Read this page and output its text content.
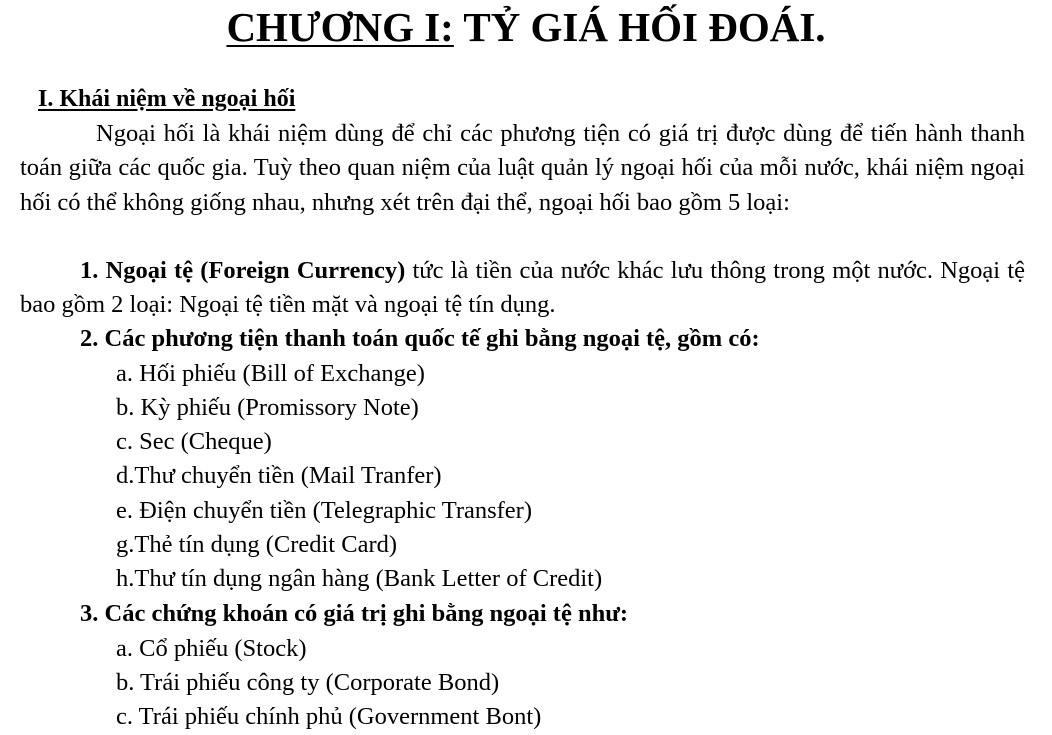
CHƯƠNG I: TỶ GIÁ HỐI ĐOÁI.
I. Khái niệm về ngoại hối
Ngoại hối là khái niệm dùng để chỉ các phương tiện có giá trị được dùng để tiến hành thanh toán giữa các quốc gia. Tuỳ theo quan niệm của luật quản lý ngoại hối của mỗi nước, khái niệm ngoại hối có thể không giống nhau, nhưng xét trên đại thể, ngoại hối bao gồm 5 loại:
1. Ngoại tệ (Foreign Currency) tức là tiền của nước khác lưu thông trong một nước. Ngoại tệ bao gồm 2 loại: Ngoại tệ tiền mặt và ngoại tệ tín dụng.
2. Các phương tiện thanh toán quốc tế ghi bằng ngoại tệ, gồm có:
a. Hối phiếu (Bill of Exchange)
b. Kỳ phiếu (Promissory Note)
c. Sec (Cheque)
d.Thư chuyển tiền (Mail Tranfer)
e. Điện chuyển tiền (Telegraphic Transfer)
g.Thẻ tín dụng (Credit Card)
h.Thư tín dụng ngân hàng (Bank Letter of Credit)
3. Các chứng khoán có giá trị ghi bằng ngoại tệ như:
a. Cổ phiếu (Stock)
b. Trái phiếu công ty (Corporate Bond)
c. Trái phiếu chính phủ (Government Bont)
